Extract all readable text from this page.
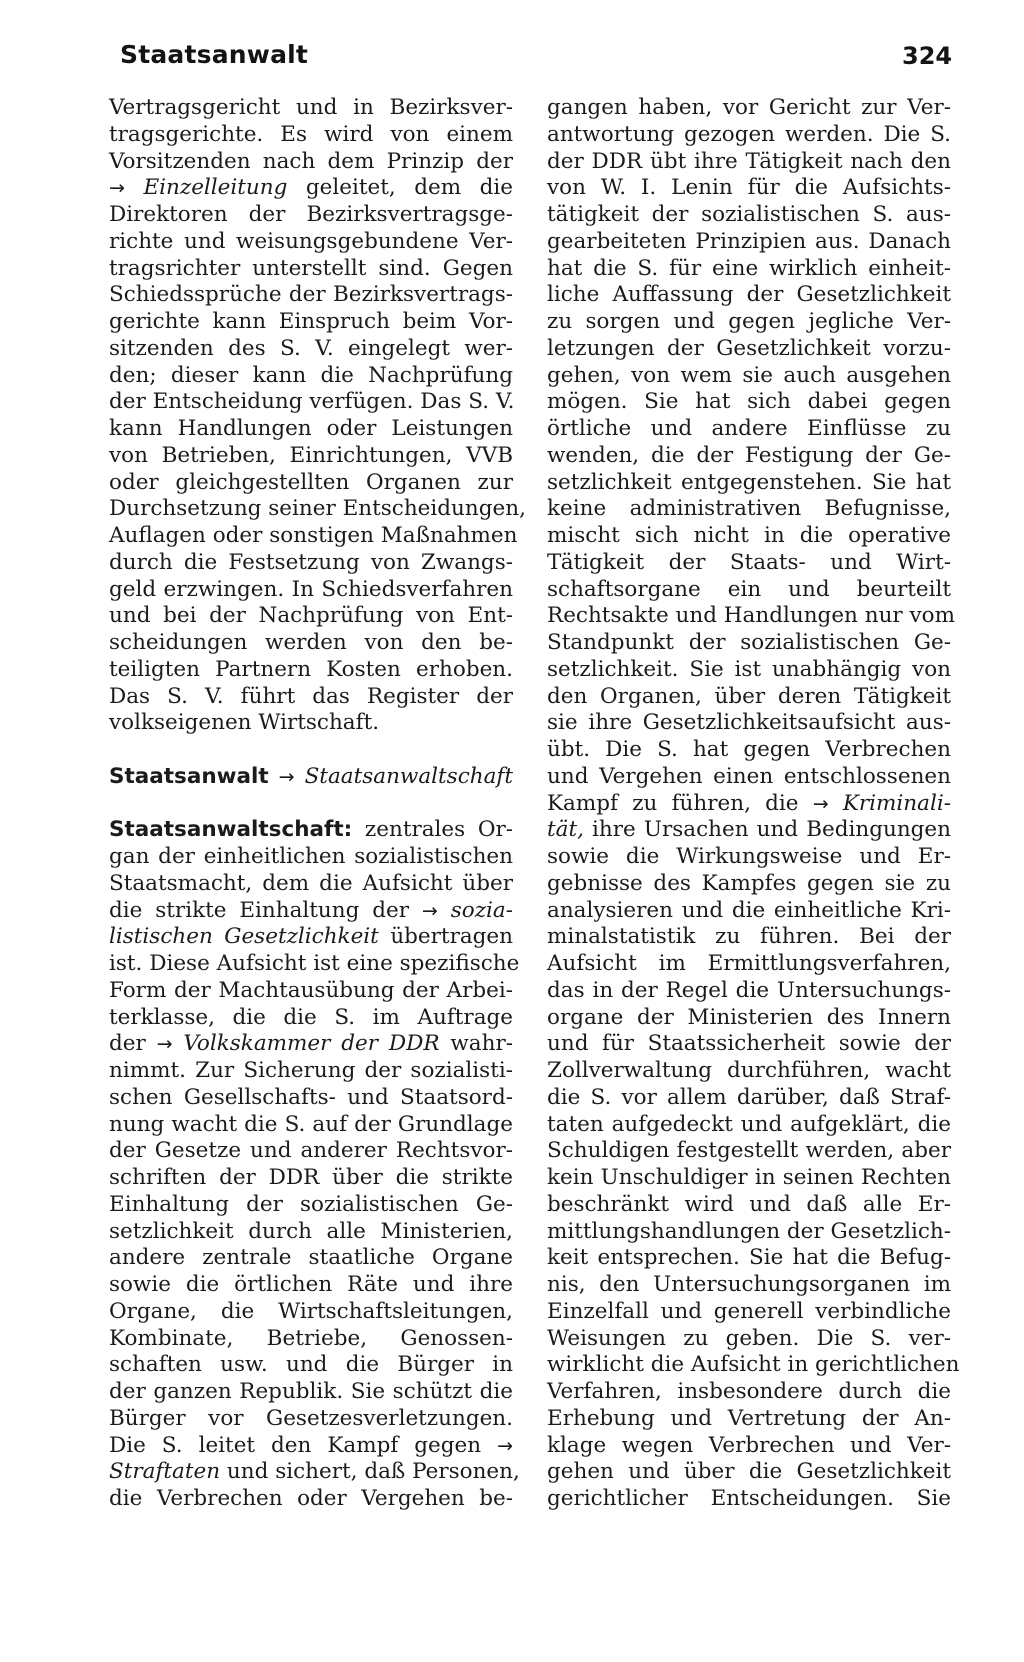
Staatsanwalt	324
Vertragsgericht und in Bezirksver-
tragsgerichte. Es wird von einem
Vorsitzenden nach dem Prinzip der
→ Einzelleitung geleitet, dem die
Direktoren der Bezirksvertragsge-
richte und weisungsgebundene Ver-
tragsrichter unterstellt sind. Gegen
Schiedssprüche der Bezirksvertrags-
gerichte kann Einspruch beim Vor-
sitzenden des S. V. eingelegt wer-
den; dieser kann die Nachprüfung
der Entscheidung verfügen. Das S. V.
kann Handlungen oder Leistungen
von Betrieben, Einrichtungen, VVB
oder gleichgestellten Organen zur
Durchsetzung seiner Entscheidungen,
Auflagen oder sonstigen Maßnahmen
durch die Festsetzung von Zwangs-
geld erzwingen. In Schiedsverfahren
und bei der Nachprüfung von Ent-
scheidungen werden von den be-
teiligten Partnern Kosten erhoben.
Das S. V. führt das Register der
volkseigenen Wirtschaft.
Staatsanwalt → Staatsanwaltschaft
Staatsanwaltschaft: zentrales Or-
gan der einheitlichen sozialistischen
Staatsmacht, dem die Aufsicht über
die strikte Einhaltung der → sozia-
listischen Gesetzlichkeit übertragen
ist. Diese Aufsicht ist eine spezifische
Form der Machtausübung der Arbei-
terklasse, die die S. im Auftrage
der → Volkskammer der DDR wahr-
nimmt. Zur Sicherung der sozialisti-
schen Gesellschafts- und Staatsord-
nung wacht die S. auf der Grundlage
der Gesetze und anderer Rechtsvor-
schriften der DDR über die strikte
Einhaltung der sozialistischen Ge-
setzlichkeit durch alle Ministerien,
andere zentrale staatliche Organe
sowie die örtlichen Räte und ihre
Organe, die Wirtschaftsleitungen,
Kombinate, Betriebe, Genossen-
schaften usw. und die Bürger in
der ganzen Republik. Sie schützt die
Bürger vor Gesetzesverletzungen.
Die S. leitet den Kampf gegen →
Straftaten und sichert, daß Personen,
die Verbrechen oder Vergehen be-
gangen haben, vor Gericht zur Ver-
antwortung gezogen werden. Die S.
der DDR übt ihre Tätigkeit nach den
von W. I. Lenin für die Aufsichts-
tätigkeit der sozialistischen S. aus-
gearbeiteten Prinzipien aus. Danach
hat die S. für eine wirklich einheit-
liche Auffassung der Gesetzlichkeit
zu sorgen und gegen jegliche Ver-
letzungen der Gesetzlichkeit vorzu-
gehen, von wem sie auch ausgehen
mögen. Sie hat sich dabei gegen
örtliche und andere Einflüsse zu
wenden, die der Festigung der Ge-
setzlichkeit entgegenstehen. Sie hat
keine administrativen Befugnisse,
mischt sich nicht in die operative
Tätigkeit der Staats- und Wirt-
schaftsorgane ein und beurteilt
Rechtsakte und Handlungen nur vom
Standpunkt der sozialistischen Ge-
setzlichkeit. Sie ist unabhängig von
den Organen, über deren Tätigkeit
sie ihre Gesetzlichkeitsaufsicht aus-
übt. Die S. hat gegen Verbrechen
und Vergehen einen entschlossenen
Kampf zu führen, die → Kriminali-
tät, ihre Ursachen und Bedingungen
sowie die Wirkungsweise und Er-
gebnisse des Kampfes gegen sie zu
analysieren und die einheitliche Kri-
minalstatistik zu führen. Bei der
Aufsicht im Ermittlungsverfahren,
das in der Regel die Untersuchungs-
organe der Ministerien des Innern
und für Staatssicherheit sowie der
Zollverwaltung durchführen, wacht
die S. vor allem darüber, daß Straf-
taten aufgedeckt und aufgeklärt, die
Schuldigen festgestellt werden, aber
kein Unschuldiger in seinen Rechten
beschränkt wird und daß alle Er-
mittlungshandlungen der Gesetzlich-
keit entsprechen. Sie hat die Befug-
nis, den Untersuchungsorganen im
Einzelfall und generell verbindliche
Weisungen zu geben. Die S. ver-
wirklicht die Aufsicht in gerichtlichen
Verfahren, insbesondere durch die
Erhebung und Vertretung der An-
klage wegen Verbrechen und Ver-
gehen und über die Gesetzlichkeit
gerichtlicher Entscheidungen. Sie
